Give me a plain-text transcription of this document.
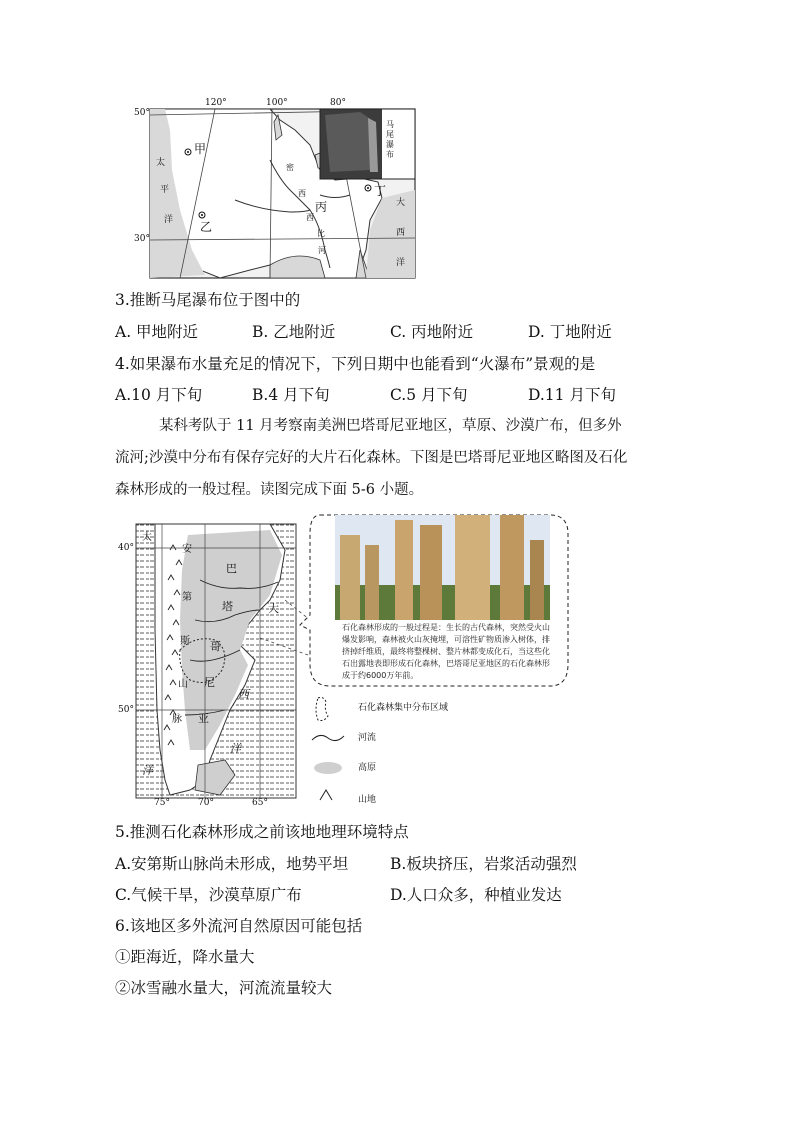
50°
30°
120°	100°	80°
甲
乙
丙
丁
密
西
西
比
河
太
平
洋
大
西
洋
马尾瀑布
3.推断马尾瀑布位于图中的
A. 甲地附近	B. 乙地附近	C. 丙地附近	D. 丁地附近
4.如果瀑布水量充足的情况下，下列日期中也能看到“火瀑布”景观的是
A.10 月下旬	B.4 月下旬	C.5 月下旬	D.11 月下旬
某科考队于 11 月考察南美洲巴塔哥尼亚地区，草原、沙漠广布，但多外
流河;沙漠中分布有保存完好的大片石化森林。下图是巴塔哥尼亚地区略图及石化
森林形成的一般过程。读图完成下面 5-6 小题。
40°
50°
75°	70°	65°
太
安
第
斯
山
脉
巴
塔
哥
尼
亚
大
西
洋
洋
石化森林形成的一般过程是：生长的古代森林，突然受火山爆发影响，森林被火山灰掩埋，可溶性矿物质渗入树体，排挤掉纤维质，最终将整棵树、整片林都变成化石，当这些化石出露地表即形成石化森林，巴塔哥尼亚地区的石化森林形成于约6000万年前。
石化森林集中分布区域
河流
高原
山地
5.推测石化森林形成之前该地地理环境特点
A.安第斯山脉尚未形成，地势平坦	B.板块挤压，岩浆活动强烈
C.气候干旱，沙漠草原广布	D.人口众多，种植业发达
6.该地区多外流河自然原因可能包括
①距海近，降水量大
②冰雪融水量大，河流流量较大
